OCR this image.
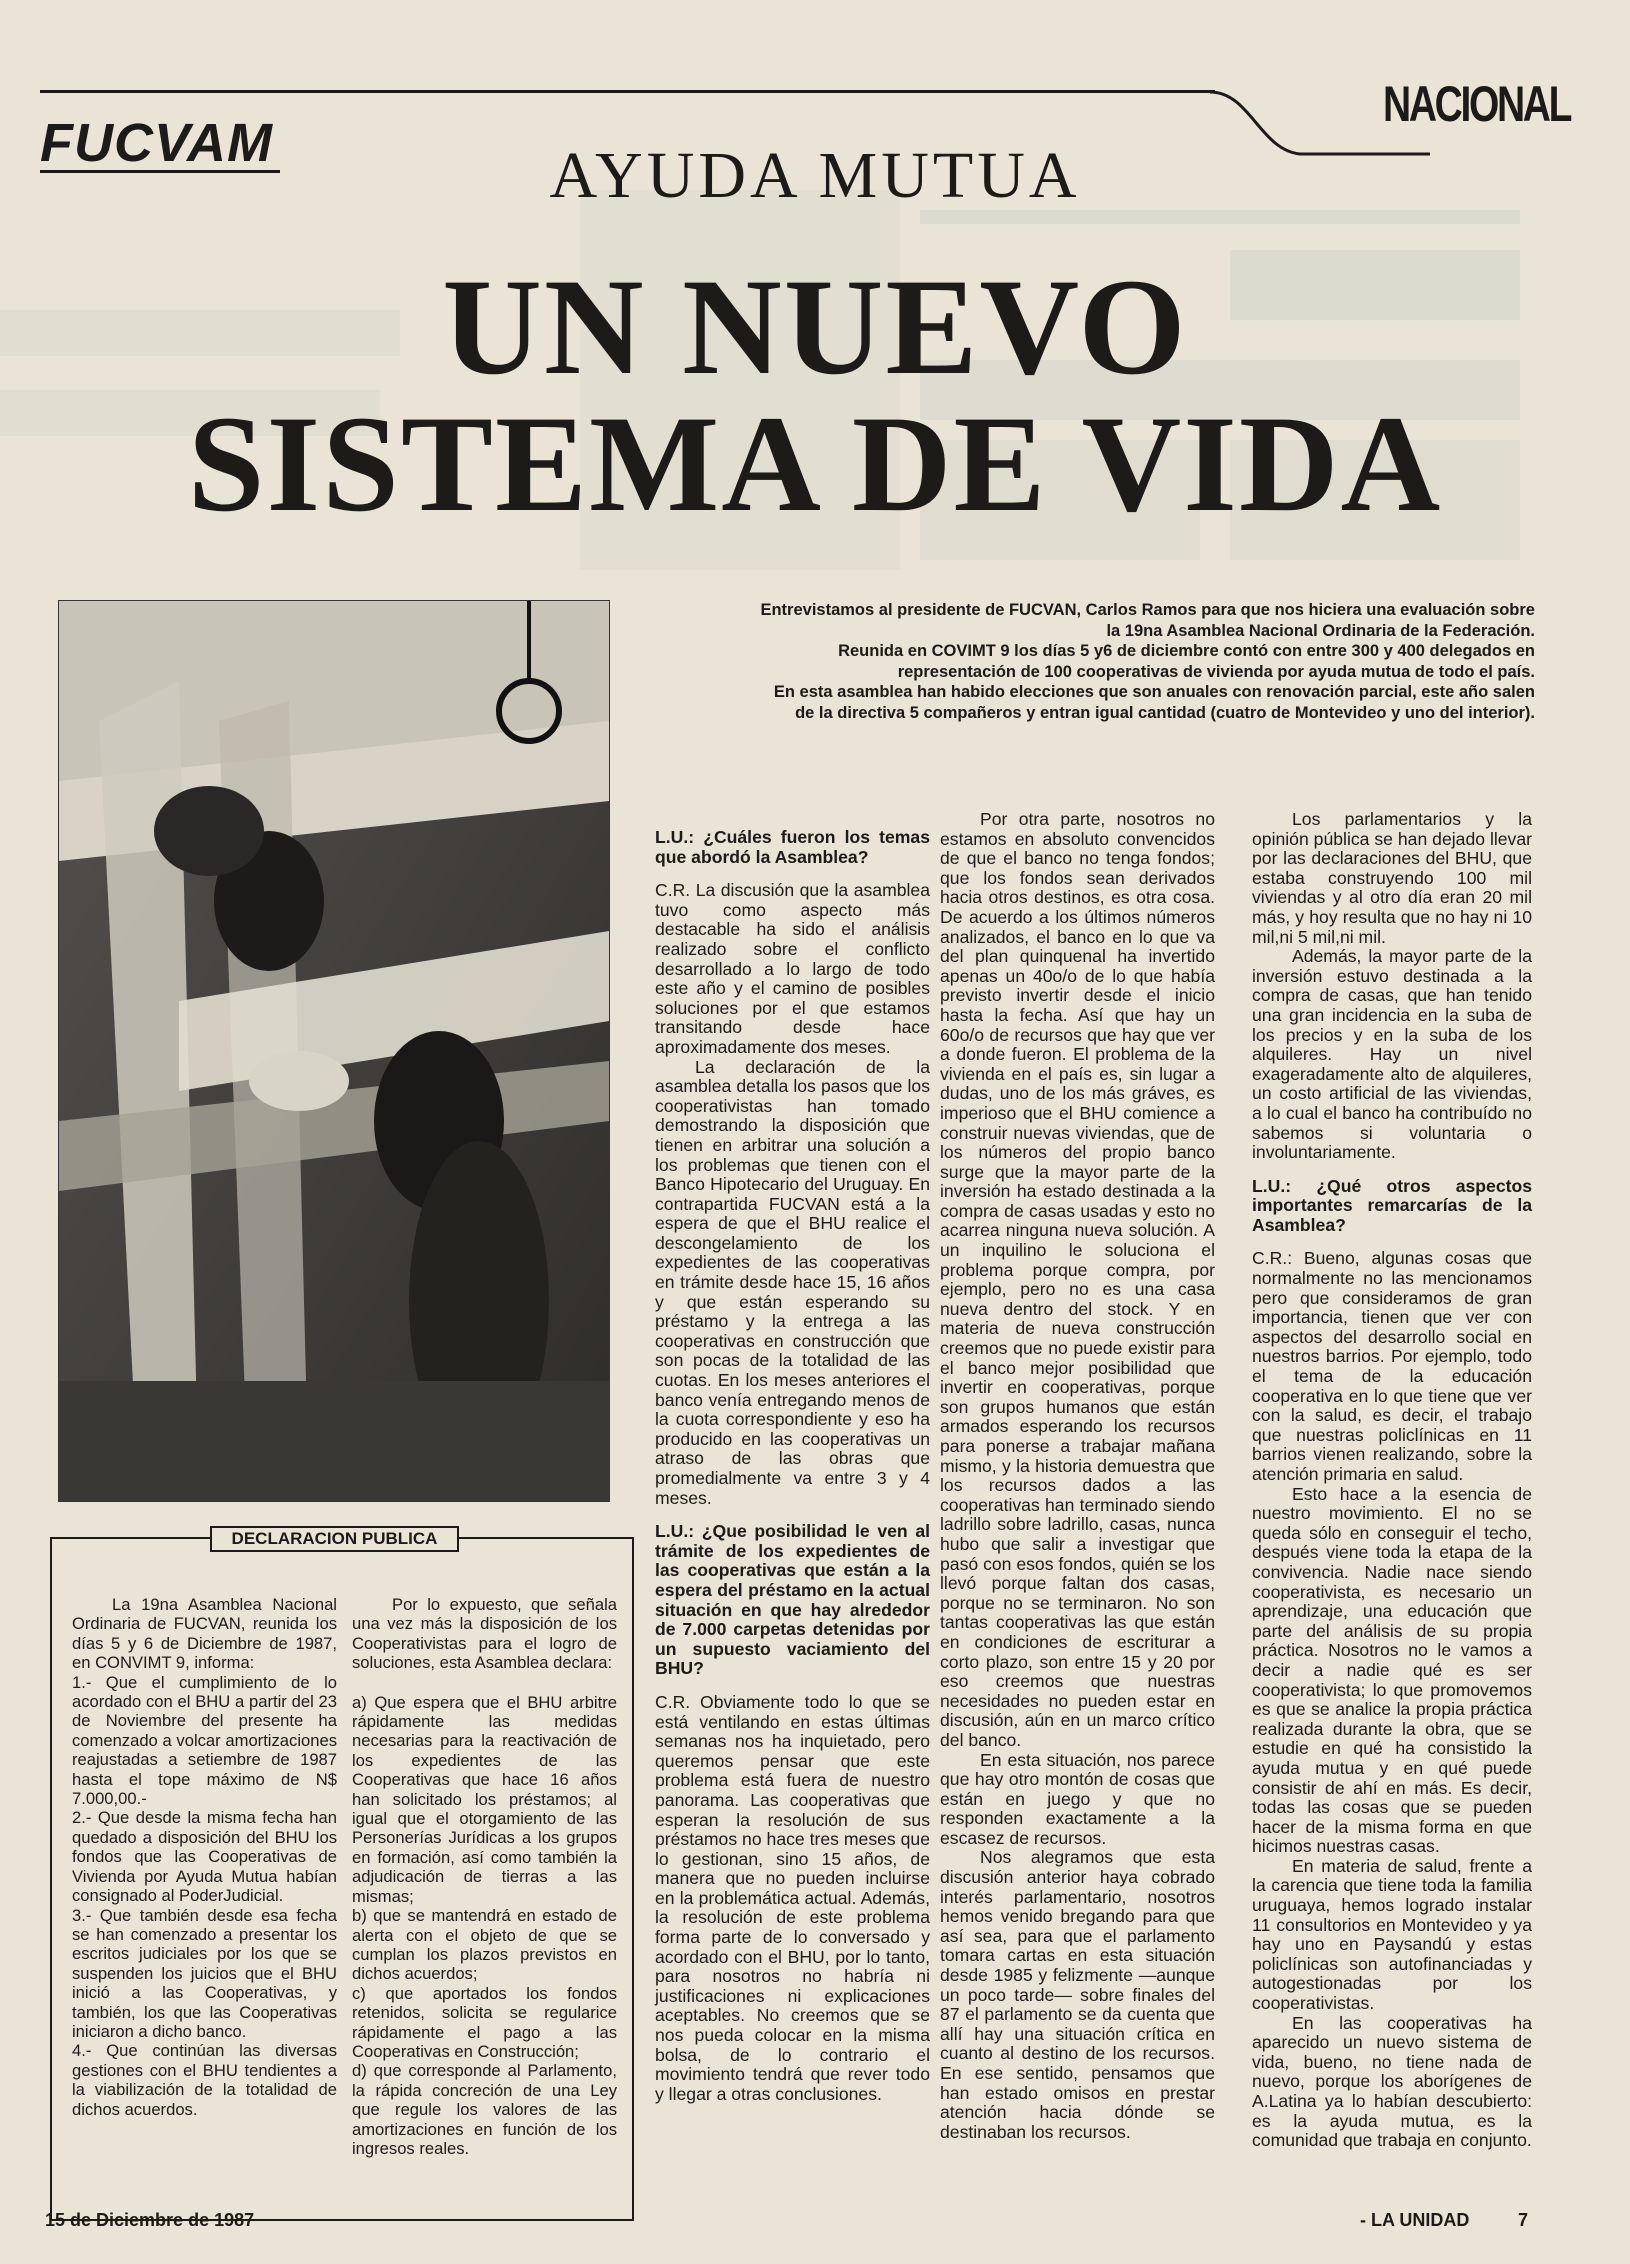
FUCVAM
NACIONAL
AYUDA MUTUA
UN NUEVO
SISTEMA DE VIDA

Entrevistamos al presidente de FUCVAN, Carlos Ramos para que nos hiciera una evaluación sobre la 19na Asamblea Nacional Ordinaria de la Federación.

Reunida en COVIMT 9 los días 5 y6 de diciembre contó con entre 300 y 400 delegados en representación de 100 cooperativas de vivienda por ayuda mutua de todo el país.

En esta asamblea han habido elecciones que son anuales con renovación parcial, este año salen de la directiva 5 compañeros y entran igual cantidad (cuatro de Montevideo y uno del interior).

L.U.: ¿Cuáles fueron los temas que abordó la Asamblea?

C.R. La discusión que la asamblea tuvo como aspecto más destacable ha sido el análisis realizado sobre el conflicto desarrollado a lo largo de todo este año y el camino de posibles soluciones por el que estamos transitando desde hace aproximadamente dos meses.

La declaración de la asamblea detalla los pasos que los cooperativistas han tomado demostrando la disposición que tienen en arbitrar una solución a los problemas que tienen con el Banco Hipotecario del Uruguay. En contrapartida FUCVAN está a la espera de que el BHU realice el descongelamiento de los expedientes de las cooperativas en trámite desde hace 15, 16 años y que están esperando su préstamo y la entrega a las cooperativas en construcción que son pocas de la totalidad de las cuotas. En los meses anteriores el banco venía entregando menos de la cuota correspondiente y eso ha producido en las cooperativas un atraso de las obras que promedialmente va entre 3 y 4 meses.

L.U.: ¿Que posibilidad le ven al trámite de los expedientes de las cooperativas que están a la espera del préstamo en la actual situación en que hay alrededor de 7.000 carpetas detenidas por un supuesto vaciamiento del BHU?

C.R. Obviamente todo lo que se está ventilando en estas últimas semanas nos ha inquietado, pero queremos pensar que este problema está fuera de nuestro panorama. Las cooperativas que esperan la resolución de sus préstamos no hace tres meses que lo gestionan, sino 15 años, de manera que no pueden incluirse en la problemática actual. Además, la resolución de este problema forma parte de lo conversado y acordado con el BHU, por lo tanto, para nosotros no habría ni justificaciones ni explicaciones aceptables. No creemos que se nos pueda colocar en la misma bolsa, de lo contrario el movimiento tendrá que rever todo y llegar a otras conclusiones.

Por otra parte, nosotros no estamos en absoluto convencidos de que el banco no tenga fondos; que los fondos sean derivados hacia otros destinos, es otra cosa. De acuerdo a los últimos números analizados, el banco en lo que va del plan quinquenal ha invertido apenas un 40o/o de lo que había previsto invertir desde el inicio hasta la fecha. Así que hay un 60o/o de recursos que hay que ver a donde fueron. El problema de la vivienda en el país es, sin lugar a dudas, uno de los más gráves, es imperioso que el BHU comience a construir nuevas viviendas, que de los números del propio banco surge que la mayor parte de la inversión ha estado destinada a la compra de casas usadas y esto no acarrea ninguna nueva solución. A un inquilino le soluciona el problema porque compra, por ejemplo, pero no es una casa nueva dentro del stock. Y en materia de nueva construcción creemos que no puede existir para el banco mejor posibilidad que invertir en cooperativas, porque son grupos humanos que están armados esperando los recursos para ponerse a trabajar mañana mismo, y la historia demuestra que los recursos dados a las cooperativas han terminado siendo ladrillo sobre ladrillo, casas, nunca hubo que salir a investigar que pasó con esos fondos, quién se los llevó porque faltan dos casas, porque no se terminaron. No son tantas cooperativas las que están en condiciones de escriturar a corto plazo, son entre 15 y 20 por eso creemos que nuestras necesidades no pueden estar en discusión, aún en un marco crítico del banco.

En esta situación, nos parece que hay otro montón de cosas que están en juego y que no responden exactamente a la escasez de recursos.

Nos alegramos que esta discusión anterior haya cobrado interés parlamentario, nosotros hemos venido bregando para que así sea, para que el parlamento tomara cartas en esta situación desde 1985 y felizmente —aunque un poco tarde— sobre finales del 87 el parlamento se da cuenta que allí hay una situación crítica en cuanto al destino de los recursos. En ese sentido, pensamos que han estado omisos en prestar atención hacia dónde se destinaban los recursos.

Los parlamentarios y la opinión pública se han dejado llevar por las declaraciones del BHU, que estaba construyendo 100 mil viviendas y al otro día eran 20 mil más, y hoy resulta que no hay ni 10 mil,ni 5 mil,ni mil.

Además, la mayor parte de la inversión estuvo destinada a la compra de casas, que han tenido una gran incidencia en la suba de los precios y en la suba de los alquileres. Hay un nivel exageradamente alto de alquileres, un costo artificial de las viviendas, a lo cual el banco ha contribuído no sabemos si voluntaria o involuntariamente.

L.U.: ¿Qué otros aspectos importantes remarcarías de la Asamblea?

C.R.: Bueno, algunas cosas que normalmente no las mencionamos pero que consideramos de gran importancia, tienen que ver con aspectos del desarrollo social en nuestros barrios. Por ejemplo, todo el tema de la educación cooperativa en lo que tiene que ver con la salud, es decir, el trabajo que nuestras policlínicas en 11 barrios vienen realizando, sobre la atención primaria en salud.

Esto hace a la esencia de nuestro movimiento. El no se queda sólo en conseguir el techo, después viene toda la etapa de la convivencia. Nadie nace siendo cooperativista, es necesario un aprendizaje, una educación que parte del análisis de su propia práctica. Nosotros no le vamos a decir a nadie qué es ser cooperativista; lo que promovemos es que se analice la propia práctica realizada durante la obra, que se estudie en qué ha consistido la ayuda mutua y en qué puede consistir de ahí en más. Es decir, todas las cosas que se pueden hacer de la misma forma en que hicimos nuestras casas.

En materia de salud, frente a la carencia que tiene toda la familia uruguaya, hemos logrado instalar 11 consultorios en Montevideo y ya hay uno en Paysandú y estas policlínicas son autofinanciadas y autogestionadas por los cooperativistas.

En las cooperativas ha aparecido un nuevo sistema de vida, bueno, no tiene nada de nuevo, porque los aborígenes de A.Latina ya lo habían descubierto: es la ayuda mutua, es la comunidad que trabaja en conjunto.

DECLARACION PUBLICA

La 19na Asamblea Nacional Ordinaria de FUCVAN, reunida los días 5 y 6 de Diciembre de 1987, en CONVIMT 9, informa:

1.- Que el cumplimiento de lo acordado con el BHU a partir del 23 de Noviembre del presente ha comenzado a volcar amortizaciones reajustadas a setiembre de 1987 hasta el tope máximo de N$ 7.000,00.-

2.- Que desde la misma fecha han quedado a disposición del BHU los fondos que las Cooperativas de Vivienda por Ayuda Mutua habían consignado al PoderJudicial.

3.- Que también desde esa fecha se han comenzado a presentar los escritos judiciales por los que se suspenden los juicios que el BHU inició a las Cooperativas, y también, los que las Cooperativas iniciaron a dicho banco.

4.- Que continúan las diversas gestiones con el BHU tendientes a la viabilización de la totalidad de dichos acuerdos.

Por lo expuesto, que señala una vez más la disposición de los Cooperativistas para el logro de soluciones, esta Asamblea declara:

a) Que espera que el BHU arbitre rápidamente las medidas necesarias para la reactivación de los expedientes de las Cooperativas que hace 16 años han solicitado los préstamos; al igual que el otorgamiento de las Personerías Jurídicas a los grupos en formación, así como también la adjudicación de tierras a las mismas;

b) que se mantendrá en estado de alerta con el objeto de que se cumplan los plazos previstos en dichos acuerdos;

c) que aportados los fondos retenidos, solicita se regularice rápidamente el pago a las Cooperativas en Construcción;

d) que corresponde al Parlamento, la rápida concreción de una Ley que regule los valores de las amortizaciones en función de los ingresos reales.

15 de Diciembre de 1987	- LA UNIDAD	7
